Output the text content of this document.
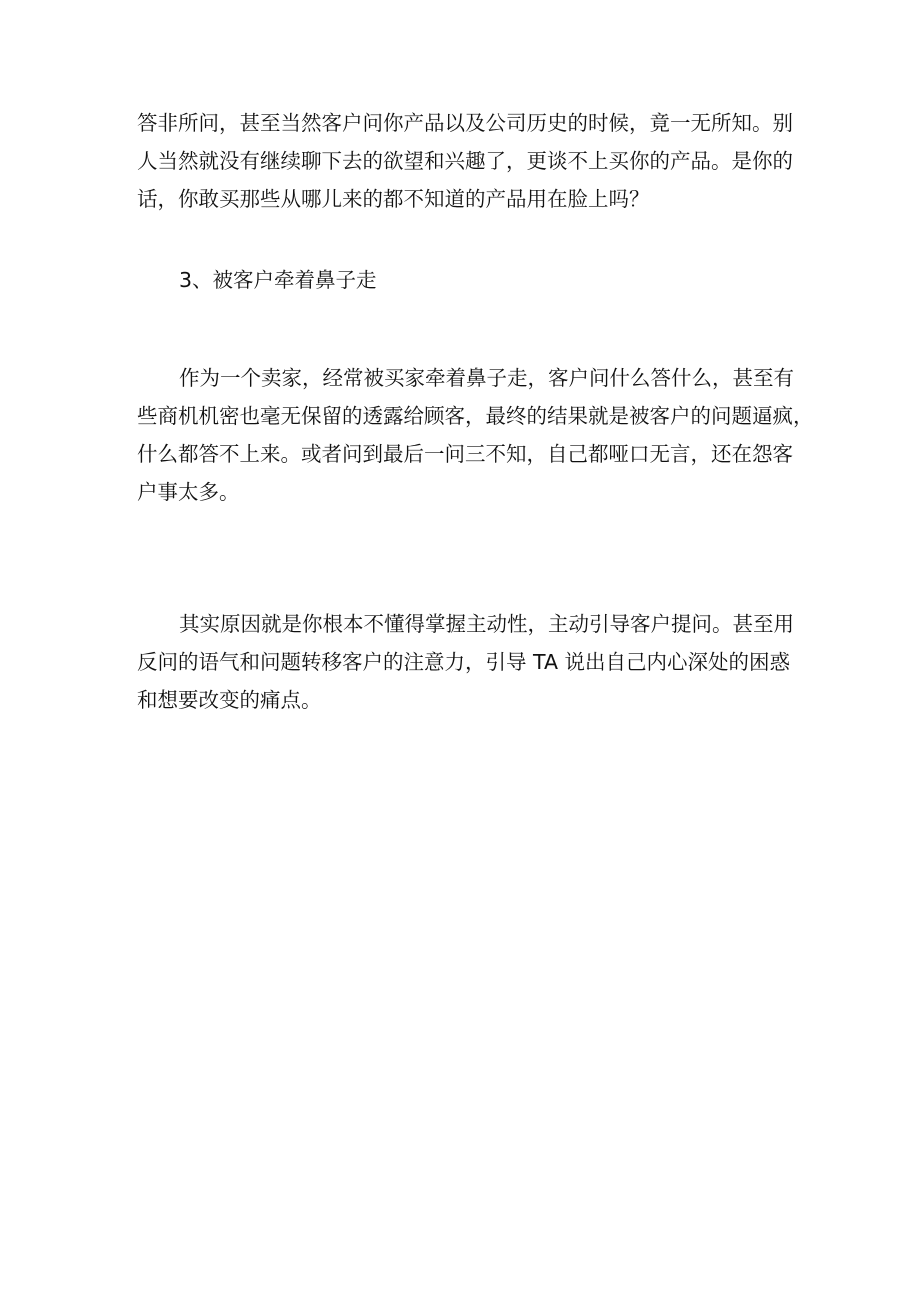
答非所问，甚至当然客户问你产品以及公司历史的时候，竟一无所知。别
人当然就没有继续聊下去的欲望和兴趣了，更谈不上买你的产品。是你的
话，你敢买那些从哪儿来的都不知道的产品用在脸上吗？
3、被客户牵着鼻子走
作为一个卖家，经常被买家牵着鼻子走，客户问什么答什么，甚至有
些商机机密也毫无保留的透露给顾客，最终的结果就是被客户的问题逼疯，
什么都答不上来。或者问到最后一问三不知，自己都哑口无言，还在怨客
户事太多。
其实原因就是你根本不懂得掌握主动性，主动引导客户提问。甚至用
反问的语气和问题转移客户的注意力，引导 TA 说出自己内心深处的困惑
和想要改变的痛点。
